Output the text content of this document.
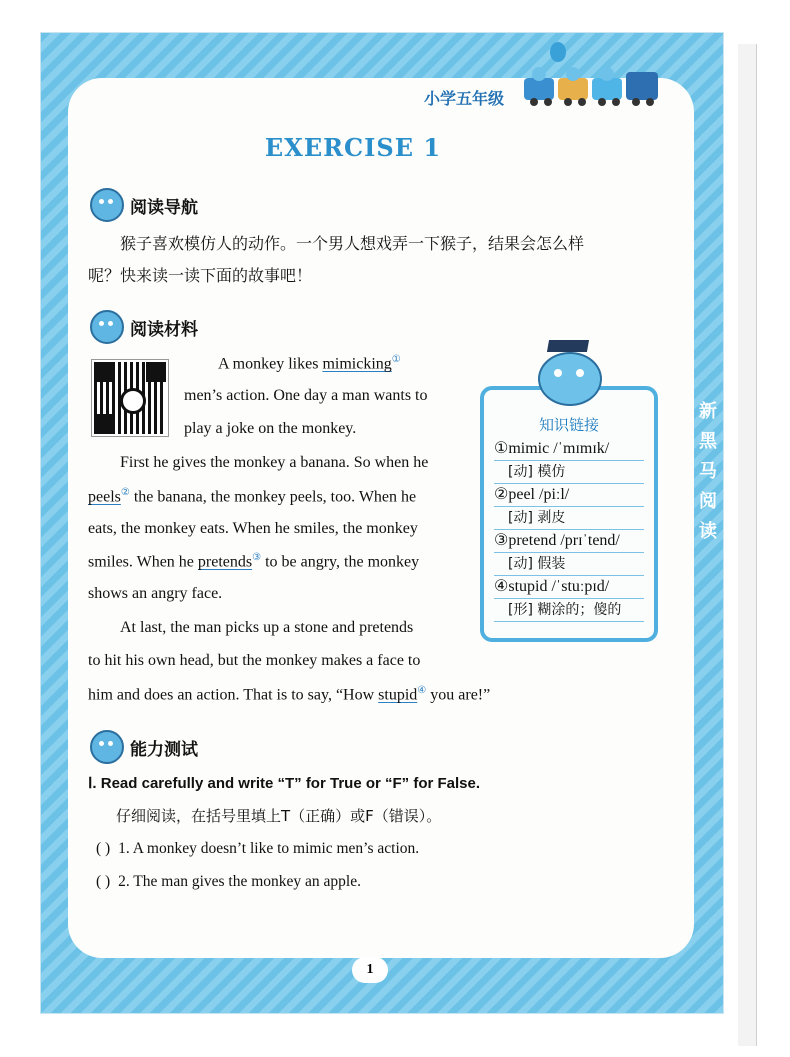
小学五年级
新
黑
马
阅
读
EXERCISE 1
阅读导航
猴子喜欢模仿人的动作。一个男人想戏弄一下猴子，结果会怎么样
呢？快来读一读下面的故事吧！
阅读材料
A monkey likes mimicking①
men’s action. One day a man wants to
play a joke on the monkey.
First he gives the monkey a banana. So when he
peels② the banana, the monkey peels, too. When he
eats, the monkey eats. When he smiles, the monkey
smiles. When he pretends③ to be angry, the monkey
shows an angry face.
At last, the man picks up a stone and pretends
to hit his own head, but the monkey makes a face to
him and does an action. That is to say, “How stupid④ you are!”
知识链接
①mimic /ˈmɪmɪk/
[动] 模仿
②peel /piːl/
[动] 剥皮
③pretend /prɪˈtend/
[动] 假装
④stupid /ˈstuːpɪd/
[形] 糊涂的；傻的
能力测试
Ⅰ. Read carefully and write “T” for True or “F” for False.
仔细阅读，在括号里填上T（正确）或F（错误）。
( ) 1. A monkey doesn’t like to mimic men’s action.
( ) 2. The man gives the monkey an apple.
1
